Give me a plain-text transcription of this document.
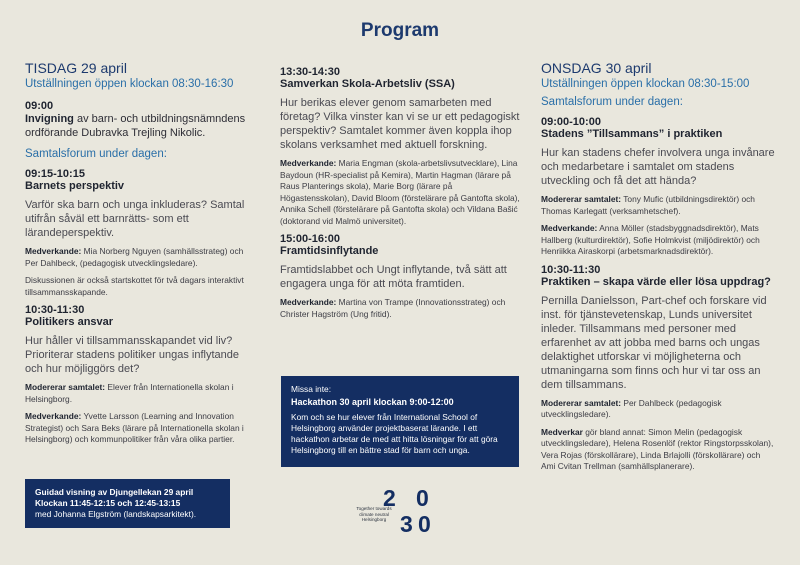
Program
TISDAG 29 april
Utställningen öppen klockan 08:30-16:30
09:00
Invigning av barn- och utbildningsnämndens ordförande Dubravka Trejling Nikolic.
Samtalsforum under dagen:
09:15-10:15
Barnets perspektiv
Varför ska barn och unga inkluderas? Samtal utifrån såväl ett barnrätts- som ett lärandeperspektiv.
Medverkande: Mia Norberg Nguyen (samhällsstrateg) och Per Dahlbeck, (pedagogisk utvecklingsledare).
Diskussionen är också startskottet för två dagars interaktivt tillsammansskapande.
10:30-11:30
Politikers ansvar
Hur håller vi tillsammansskapandet vid liv? Prioriterar stadens politiker ungas inflytande och hur möjliggörs det?
Modererar samtalet: Elever från Internationella skolan i Helsingborg.
Medverkande: Yvette Larsson (Learning and Innovation Strategist) och Sara Beks (lärare på Internationella skolan i Helsingborg) och kommunpolitiker från våra olika partier.
Guidad visning av Djungellekan 29 april
Klockan 11:45-12:15 och 12:45-13:15
med Johanna Elgström (landskapsarkitekt).
13:30-14:30
Samverkan Skola-Arbetsliv (SSA)
Hur berikas elever genom samarbeten med företag? Vilka vinster kan vi se ur ett pedagogiskt perspektiv? Samtalet kommer även koppla ihop skolans verksamhet med aktuell forskning.
Medverkande: Maria Engman (skola-arbetslivsutvecklare), Lina Baydoun (HR-specialist på Kemira), Martin Hagman (lärare på Raus Planterings skola), Marie Borg (lärare på Högastensskolan), David Bloom (förstelärare på Gantofta skola), Annika Schell (förstelärare på Gantofta skola) och Vildana Bašić (doktorand vid Malmö universitet).
15:00-16:00
Framtidsinflytande
Framtidslabbet och Ungt inflytande, två sätt att engagera unga för att möta framtiden.
Medverkande: Martina von Trampe (Innovationsstrateg) och Christer Hagström (Ung fritid).
Missa inte:
Hackathon 30 april klockan 9:00-12:00
Kom och se hur elever från International School of Helsingborg använder projektbaserat lärande. I ett hackathon arbetar de med att hitta lösningar för att göra Helsingborg till en bättre stad för barn och unga.
2 0
3 0
Together towards
climate neutral
Helsingborg
ONSDAG 30 april
Utställningen öppen klockan 08:30-15:00
Samtalsforum under dagen:
09:00-10:00
Stadens ”Tillsammans” i praktiken
Hur kan stadens chefer involvera unga invånare och medarbetare i samtalet om stadens utveckling och få det att hända?
Modererar samtalet: Tony Mufic (utbildningsdirektör) och Thomas Karlegatt (verksamhetschef).
Medverkande: Anna Möller (stadsbyggnadsdirektör), Mats Hallberg (kulturdirektör), Sofie Holmkvist (miljödirektör) och Henriikka Airaskorpi (arbetsmarknadsdirektör).
10:30-11:30
Praktiken – skapa värde eller lösa uppdrag?
Pernilla Danielsson, Part-chef och forskare vid inst. för tjänstevetenskap, Lunds universitet inleder. Tillsammans med personer med erfarenhet av att jobba med barns och ungas delaktighet utforskar vi möjligheterna och utmaningarna som finns och hur vi tar oss an dem tillsammans.
Modererar samtalet: Per Dahlbeck (pedagogisk utvecklingsledare).
Medverkar gör bland annat: Simon Melin (pedagogisk utvecklingsledare), Helena Rosenlöf (rektor Ringstorpsskolan), Vera Rojas (förskollärare), Linda Brlajolli (förskollärare) och Ami Cvitan Trellman (samhällsplanerare).
